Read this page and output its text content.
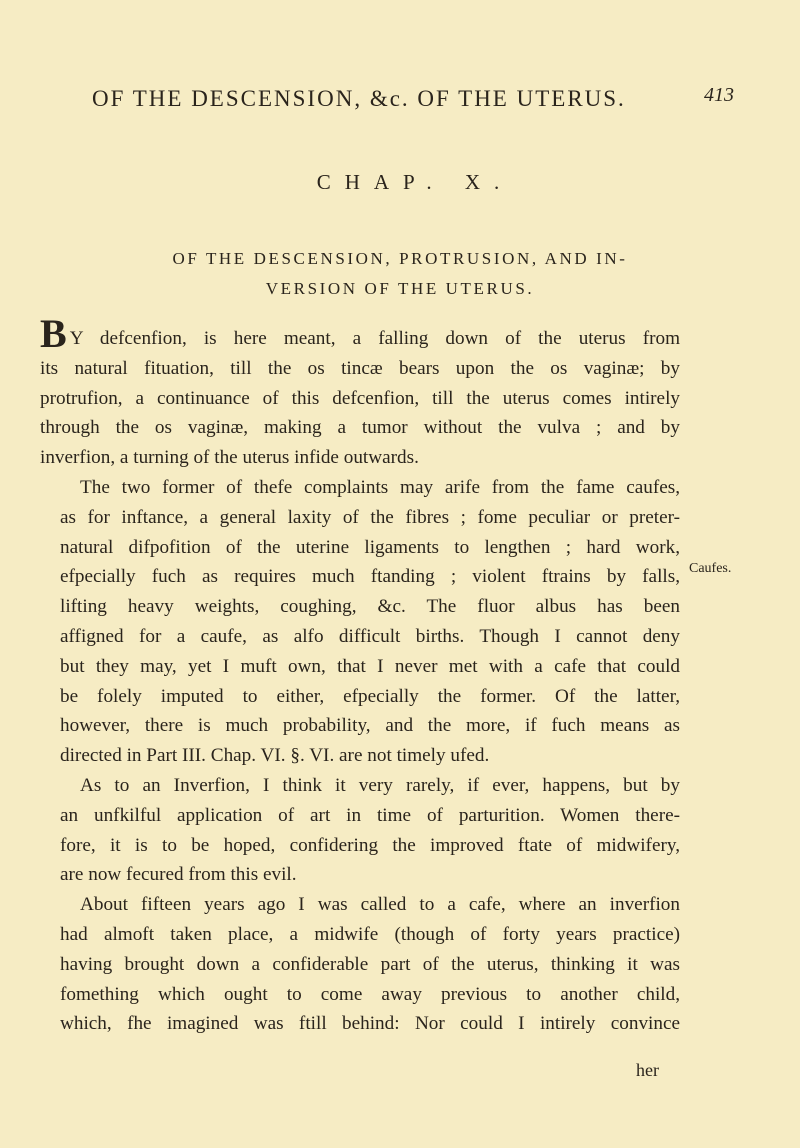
OF THE DESCENSION, &c. OF THE UTERUS.	413
CHAP. X.
OF THE DESCENSION, PROTRUSION, AND IN-
VERSION OF THE UTERUS.
B Y defcenfion, is here meant, a falling down of the uterus from
its natural fituation, till the os tincæ bears upon the os vaginæ; by
protrufion, a continuance of this defcenfion, till the uterus comes intirely
through the os vaginæ, making a tumor without the vulva ; and by
inverfion, a turning of the uterus infide outwards.
The two former of thefe complaints may arife from the fame caufes,
as for inftance, a general laxity of the fibres ; fome peculiar or preter-
natural difpofition of the uterine ligaments to lengthen ; hard work,
efpecially fuch as requires much ftanding ; violent ftrains by falls,
lifting heavy weights, coughing, &c. The fluor albus has been
affigned for a caufe, as alfo difficult births. Though I cannot deny
but they may, yet I muft own, that I never met with a cafe that could
be folely imputed to either, efpecially the former. Of the latter,
however, there is much probability, and the more, if fuch means as
directed in Part III. Chap. VI. §. VI. are not timely ufed.
As to an Inverfion, I think it very rarely, if ever, happens, but by
an unfkilful application of art in time of parturition. Women there-
fore, it is to be hoped, confidering the improved ftate of midwifery,
are now fecured from this evil.
About fifteen years ago I was called to a cafe, where an inverfion
had almoft taken place, a midwife (though of forty years practice)
having brought down a confiderable part of the uterus, thinking it was
fomething which ought to come away previous to another child,
which, fhe imagined was ftill behind: Nor could I intirely convince
Caufes.
her
